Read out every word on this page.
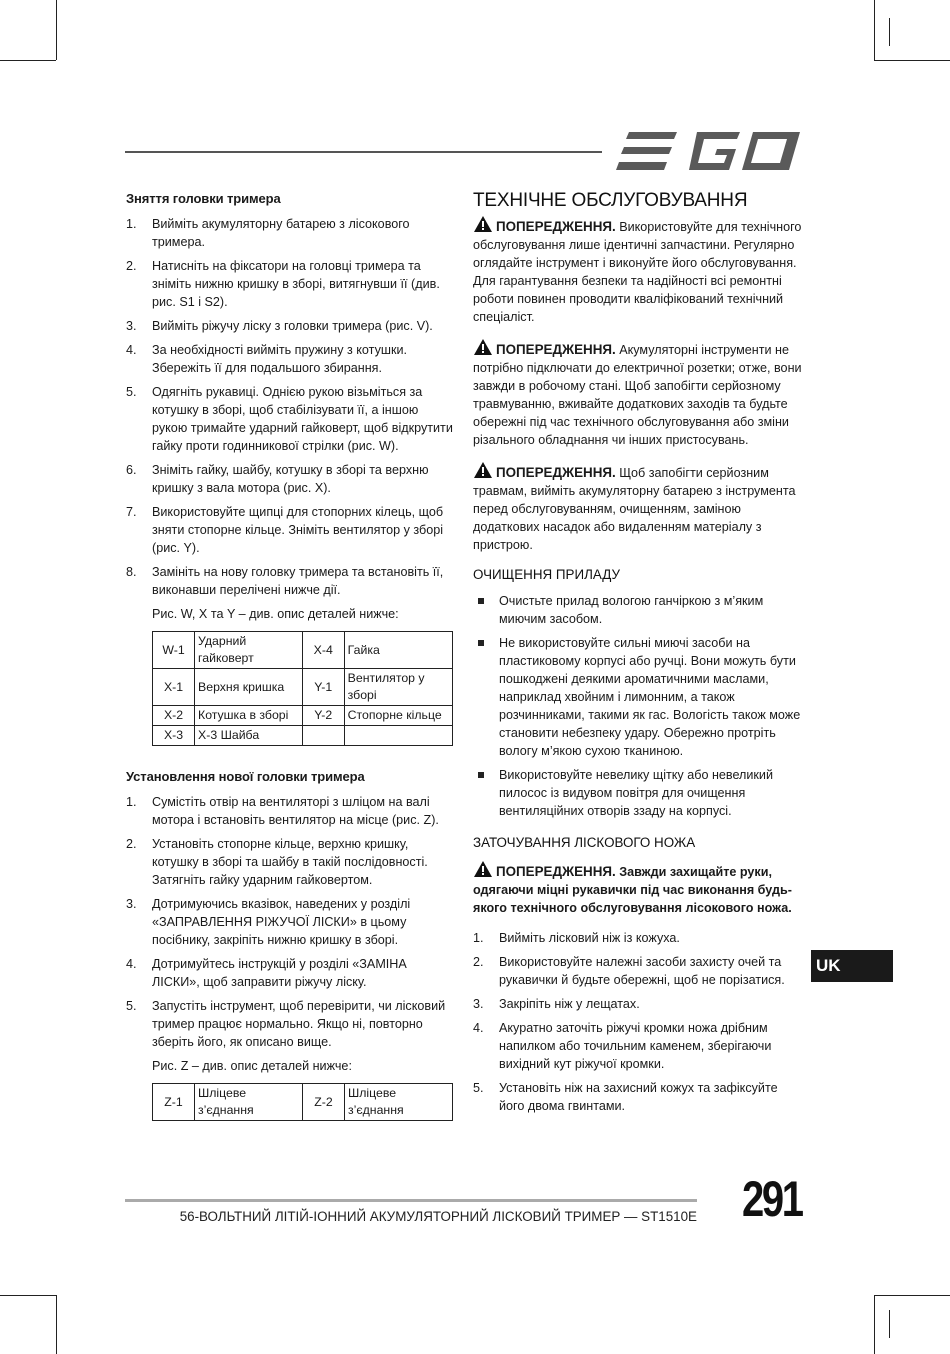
Зняття головки тримера
1. Вийміть акумуляторну батарею з лісокового тримера.
2. Натисніть на фіксатори на головці тримера та зніміть нижню кришку в зборі, витягнувши її (див. рис. S1 і S2).
3. Вийміть ріжучу ліску з головки тримера (рис. V).
4. За необхідності вийміть пружину з котушки. Збережіть її для подальшого збирання.
5. Одягніть рукавиці. Однією рукою візьміться за котушку в зборі, щоб стабілізувати її, а іншою рукою тримайте ударний гайковерт, щоб відкрутити гайку проти годинникової стрілки (рис. W).
6. Зніміть гайку, шайбу, котушку в зборі та верхню кришку з вала мотора (рис. X).
7. Використовуйте щипці для стопорних кілець, щоб зняти стопорне кільце. Зніміть вентилятор у зборі (рис. Y).
8. Замініть на нову головку тримера та встановіть її, виконавши перелічені нижче дії.
Рис. W, X та Y – див. опис деталей нижче:
W-1	Ударний гайковерт	X-4	Гайка
X-1	Верхня кришка	Y-1	Вентилятор у зборі
X-2	Котушка в зборі	Y-2	Стопорне кільце
X-3	X-3 Шайба		
Установлення нової головки тримера
1. Сумістіть отвір на вентиляторі з шліцом на валі мотора і встановіть вентилятор на місце (рис. Z).
2. Установіть стопорне кільце, верхню кришку, котушку в зборі та шайбу в такій послідовності. Затягніть гайку ударним гайковертом.
3. Дотримуючись вказівок, наведених у розділі «ЗАПРАВЛЕННЯ РІЖУЧОЇ ЛІСКИ» в цьому посібнику, закріпіть нижню кришку в зборі.
4. Дотримуйтесь інструкцій у розділі «ЗАМІНА ЛІСКИ», щоб заправити ріжучу ліску.
5. Запустіть інструмент, щоб перевірити, чи лісковий тример працює нормально. Якщо ні, повторно зберіть його, як описано вище.
Рис. Z – див. опис деталей нижче:
Z-1	Шліцеве з’єднання	Z-2	Шліцеве з’єднання
ТЕХНІЧНЕ ОБСЛУГОВУВАННЯ
ПОПЕРЕДЖЕННЯ. Використовуйте для технічного обслуговування лише ідентичні запчастини. Регулярно оглядайте інструмент і виконуйте його обслуговування. Для гарантування безпеки та надійності всі ремонтні роботи повинен проводити кваліфікований технічний спеціаліст.
ПОПЕРЕДЖЕННЯ. Акумуляторні інструменти не потрібно підключати до електричної розетки; отже, вони завжди в робочому стані. Щоб запобігти серйозному травмуванню, вживайте додаткових заходів та будьте обережні під час технічного обслуговування або зміни різального обладнання чи інших пристосувань.
ПОПЕРЕДЖЕННЯ. Щоб запобігти серйозним травмам, вийміть акумуляторну батарею з інструмента перед обслуговуванням, очищенням, заміною додаткових насадок або видаленням матеріалу з пристрою.
ОЧИЩЕННЯ ПРИЛАДУ
Очистьте прилад вологою ганчіркою з м’яким миючим засобом.
Не використовуйте сильні миючі засоби на пластиковому корпусі або ручці. Вони можуть бути пошкоджені деякими ароматичними маслами, наприклад хвойним і лимонним, а також розчинниками, такими як гас. Вологість також може становити небезпеку удару. Обережно протріть вологу м’якою сухою тканиною.
Використовуйте невелику щітку або невеликий пилосос із видувом повітря для очищення вентиляційних отворів ззаду на корпусі.
ЗАТОЧУВАННЯ ЛІСКОВОГО НОЖА
ПОПЕРЕДЖЕННЯ. Завжди захищайте руки, одягаючи міцні рукавички під час виконання будь-якого технічного обслуговування лісокового ножа.
1. Вийміть лісковий ніж із кожуха.
2. Використовуйте належні засоби захисту очей та рукавички й будьте обережні, щоб не порізатися.
3. Закріпіть ніж у лещатах.
4. Акуратно заточіть ріжучі кромки ножа дрібним напилком або точильним каменем, зберігаючи вихідний кут ріжучої кромки.
5. Установіть ніж на захисний кожух та зафіксуйте його двома гвинтами.
UK
56-ВОЛЬТНИЙ ЛІТІЙ-ІОННИЙ АКУМУЛЯТОРНИЙ ЛІСКОВИЙ ТРИМЕР — ST1510E 291
